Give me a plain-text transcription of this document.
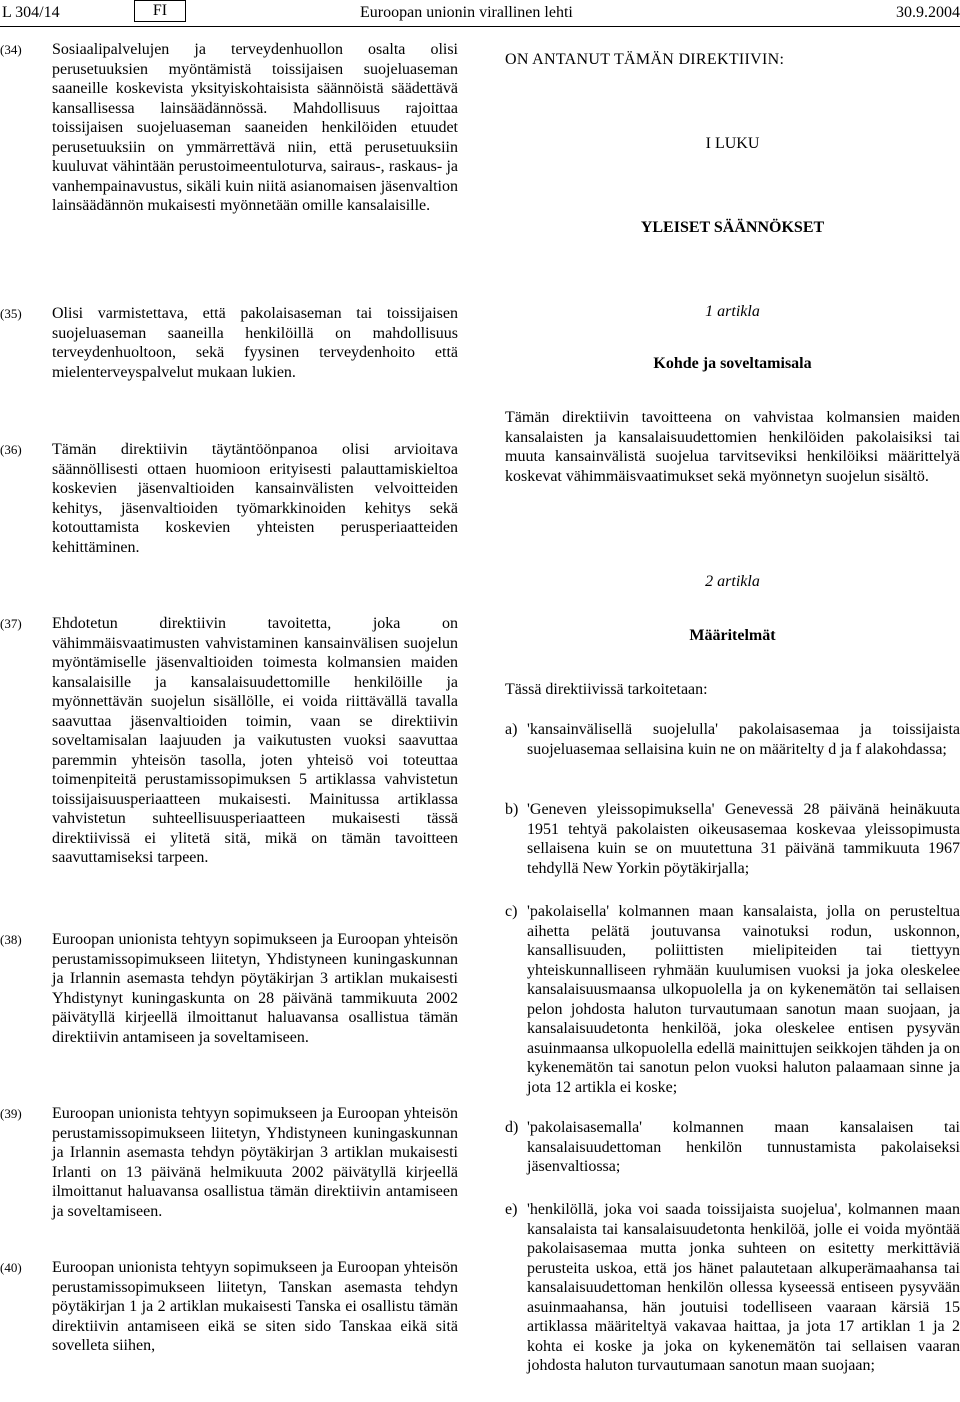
L 304/14	FI	Euroopan unionin virallinen lehti	30.9.2004
(34)	Sosiaalipalvelujen ja terveydenhuollon osalta olisi perusetuuksien myöntämistä toissijaisen suojeluaseman saaneille koskevista yksityiskohtaisista säännöistä säädettävä kansallisessa lainsäädännössä. Mahdollisuus rajoittaa toissijaisen suojeluaseman saaneiden henkilöiden etuudet perusetuuksiin on ymmärrettävä niin, että perusetuuksiin kuuluvat vähintään perustoimeentuloturva, sairaus-, raskaus- ja vanhempainavustus, sikäli kuin niitä asianomaisen jäsenvaltion lainsäädännön mukaisesti myönnetään omille kansalaisille.
(35)	Olisi varmistettava, että pakolaisaseman tai toissijaisen suojeluaseman saaneilla henkilöillä on mahdollisuus terveydenhuoltoon, sekä fyysinen terveydenhoito että mielenterveyspalvelut mukaan lukien.
(36)	Tämän direktiivin täytäntöönpanoa olisi arvioitava säännöllisesti ottaen huomioon erityisesti palauttamiskieltoa koskevien jäsenvaltioiden kansainvälisten velvoitteiden kehitys, jäsenvaltioiden työmarkkinoiden kehitys sekä kotouttamista koskevien yhteisten perusperiaatteiden kehittäminen.
(37)	Ehdotetun direktiivin tavoitetta, joka on vähimmäisvaatimusten vahvistaminen kansainvälisen suojelun myöntämiselle jäsenvaltioiden toimesta kolmansien maiden kansalaisille ja kansalaisuudettomille henkilöille ja myönnettävän suojelun sisällölle, ei voida riittävällä tavalla saavuttaa jäsenvaltioiden toimin, vaan se direktiivin soveltamisalan laajuuden ja vaikutusten vuoksi saavuttaa paremmin yhteisön tasolla, joten yhteisö voi toteuttaa toimenpiteitä perustamissopimuksen 5 artiklassa vahvistetun toissijaisuusperiaatteen mukaisesti. Mainitussa artiklassa vahvistetun suhteellisuusperiaatteen mukaisesti tässä direktiivissä ei ylitetä sitä, mikä on tämän tavoitteen saavuttamiseksi tarpeen.
(38)	Euroopan unionista tehtyyn sopimukseen ja Euroopan yhteisön perustamissopimukseen liitetyn, Yhdistyneen kuningaskunnan ja Irlannin asemasta tehdyn pöytäkirjan 3 artiklan mukaisesti Yhdistynyt kuningaskunta on 28 päivänä tammikuuta 2002 päivätyllä kirjeellä ilmoittanut haluavansa osallistua tämän direktiivin antamiseen ja soveltamiseen.
(39)	Euroopan unionista tehtyyn sopimukseen ja Euroopan yhteisön perustamissopimukseen liitetyn, Yhdistyneen kuningaskunnan ja Irlannin asemasta tehdyn pöytäkirjan 3 artiklan mukaisesti Irlanti on 13 päivänä helmikuuta 2002 päivätyllä kirjeellä ilmoittanut haluavansa osallistua tämän direktiivin antamiseen ja soveltamiseen.
(40)	Euroopan unionista tehtyyn sopimukseen ja Euroopan yhteisön perustamissopimukseen liitetyn, Tanskan asemasta tehdyn pöytäkirjan 1 ja 2 artiklan mukaisesti Tanska ei osallistu tämän direktiivin antamiseen eikä se siten sido Tanskaa eikä sitä sovelleta siihen,
ON ANTANUT TÄMÄN DIREKTIIVIN:
I LUKU
YLEISET SÄÄNNÖKSET
1 artikla
Kohde ja soveltamisala
Tämän direktiivin tavoitteena on vahvistaa kolmansien maiden kansalaisten ja kansalaisuudettomien henkilöiden pakolaisiksi tai muuta kansainvälistä suojelua tarvitseviksi henkilöiksi määrittelyä koskevat vähimmäisvaatimukset sekä myönnetyn suojelun sisältö.
2 artikla
Määritelmät
Tässä direktiivissä tarkoitetaan:
a) 'kansainvälisellä suojelulla' pakolaisasemaa ja toissijaista suojeluasemaa sellaisina kuin ne on määritelty d ja f alakohdassa;
b) 'Geneven yleissopimuksella' Genevessä 28 päivänä heinäkuuta 1951 tehtyä pakolaisten oikeusasemaa koskevaa yleissopimusta sellaisena kuin se on muutettuna 31 päivänä tammikuuta 1967 tehdyllä New Yorkin pöytäkirjalla;
c) 'pakolaisella' kolmannen maan kansalaista, jolla on perusteltua aihetta pelätä joutuvansa vainotuksi rodun, uskonnon, kansallisuuden, poliittisten mielipiteiden tai tiettyyn yhteiskunnalliseen ryhmään kuulumisen vuoksi ja joka oleskelee kansalaisuusmaansa ulkopuolella ja on kykenemätön tai sellaisen pelon johdosta haluton turvautumaan sanotun maan suojaan, ja kansalaisuudetonta henkilöä, joka oleskelee entisen pysyvän asuinmaansa ulkopuolella edellä mainittujen seikkojen tähden ja on kykenemätön tai sanotun pelon vuoksi haluton palaamaan sinne ja jota 12 artikla ei koske;
d) 'pakolaisasemalla' kolmannen maan kansalaisen tai kansalaisuudettoman henkilön tunnustamista pakolaiseksi jäsenvaltiossa;
e) 'henkilöllä, joka voi saada toissijaista suojelua', kolmannen maan kansalaista tai kansalaisuudetonta henkilöä, jolle ei voida myöntää pakolaisasemaa mutta jonka suhteen on esitetty merkittäviä perusteita uskoa, että jos hänet palautetaan alkuperämaahansa tai kansalaisuudettoman henkilön ollessa kyseessä entiseen pysyvään asuinmaahansa, hän joutuisi todelliseen vaaraan kärsiä 15 artiklassa määriteltyä vakavaa haittaa, ja jota 17 artiklan 1 ja 2 kohta ei koske ja joka on kykenemätön tai sellaisen vaaran johdosta haluton turvautumaan sanotun maan suojaan;
